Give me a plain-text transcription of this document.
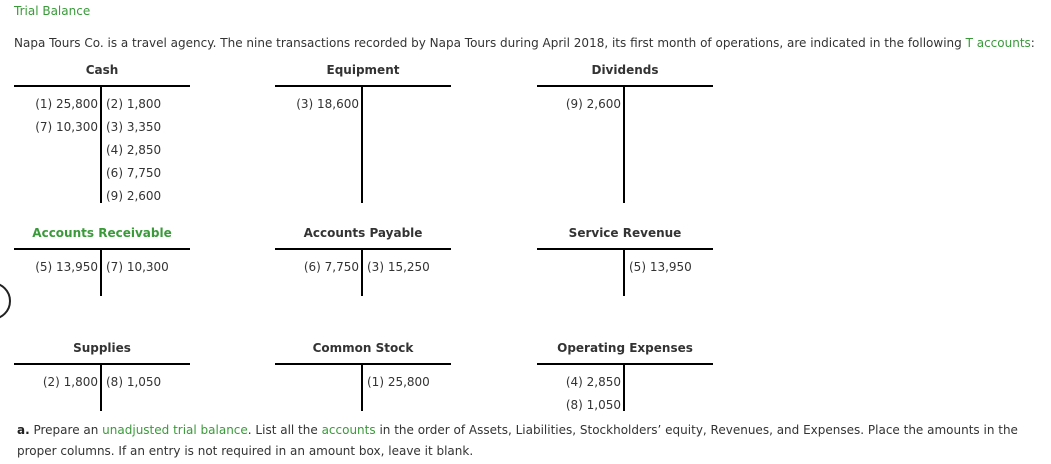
Trial Balance
Napa Tours Co. is a travel agency. The nine transactions recorded by Napa Tours during April 2018, its first month of operations, are indicated in the following T accounts:
Cash
(1) 25,800
(7) 10,300
(2) 1,800
(3) 3,350
(4) 2,850
(6) 7,750
(9) 2,600
Equipment
(3) 18,600
Dividends
(9) 2,600
Accounts Receivable
(5) 13,950 (7) 10,300
Accounts Payable
(6) 7,750 (3) 15,250
Service Revenue
(5) 13,950
Supplies
(2) 1,800 (8) 1,050
Common Stock
(1) 25,800
Operating Expenses
(4) 2,850
(8) 1,050
a. Prepare an unadjusted trial balance. List all the accounts in the order of Assets, Liabilities, Stockholders’ equity, Revenues, and Expenses. Place the amounts in the proper columns. If an entry is not required in an amount box, leave it blank.
